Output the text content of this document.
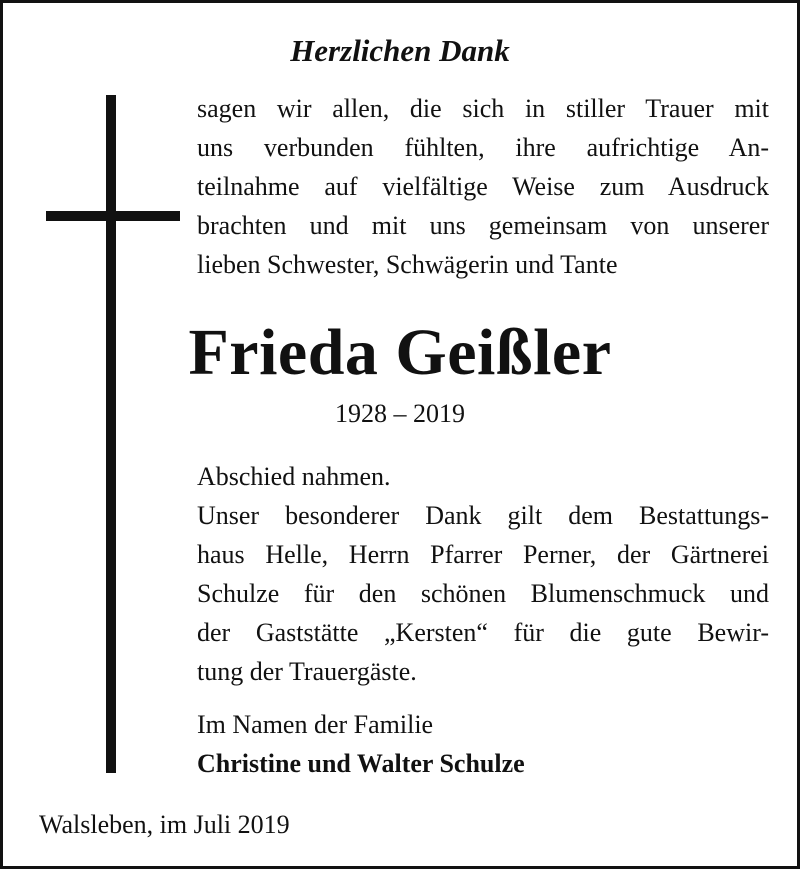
Herzlichen Dank
sagen wir allen, die sich in stiller Trauer mit
uns verbunden fühlten, ihre aufrichtige An-
teilnahme auf vielfältige Weise zum Ausdruck
brachten und mit uns gemeinsam von unserer
lieben Schwester, Schwägerin und Tante
Frieda Geißler
1928 – 2019
Abschied nahmen.
Unser besonderer Dank gilt dem Bestattungs-
haus Helle, Herrn Pfarrer Perner, der Gärtnerei
Schulze für den schönen Blumenschmuck und
der Gaststätte „Kersten“ für die gute Bewir-
tung der Trauergäste.
Im Namen der Familie
Christine und Walter Schulze
Walsleben, im Juli 2019
